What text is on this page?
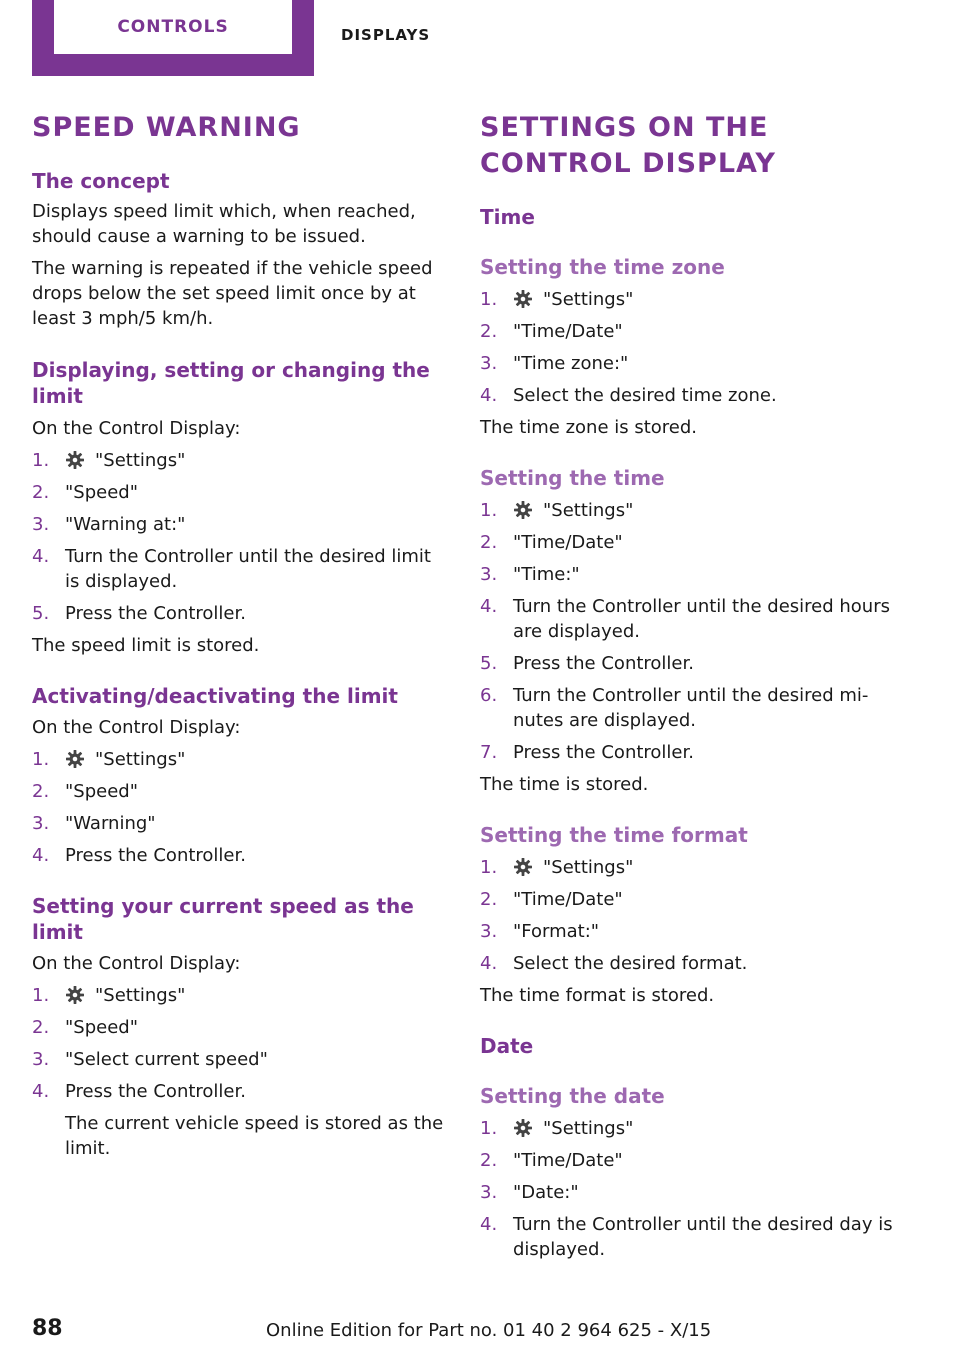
CONTROLS	DISPLAYS
SPEED WARNING
The concept

Displays speed limit which, when reached, should cause a warning to be issued.

The warning is repeated if the vehicle speed drops below the set speed limit once by at least 3 mph/5 km/h.

Displaying, setting or changing the limit

On the Control Display:

1.	"Settings"
2. "Speed"
3. "Warning at:"
4. Turn the Controller until the desired limit is displayed.
5. Press the Controller.

The speed limit is stored.

Activating/deactivating the limit

On the Control Display:

1.	"Settings"
2. "Speed"
3. "Warning"
4. Press the Controller.
Setting your current speed as the limit

On the Control Display:

1.	"Settings"
2. "Speed"
3. "Select current speed"
4. Press the Controller.

The current vehicle speed is stored as the limit.

SETTINGS ON THE CONTROL DISPLAY
Time
Setting the time zone
1.	"Settings"
2. "Time/Date"
3. "Time zone:"
4. Select the desired time zone.

The time zone is stored.

Setting the time
1.	"Settings"
2. "Time/Date"
3. "Time:"
4. Turn the Controller until the desired hours are displayed.
5. Press the Controller.
6. Turn the Controller until the desired mi‐ nutes are displayed.
7. Press the Controller.

The time is stored.

Setting the time format
1.	"Settings"
2. "Time/Date"
3. "Format:"
4. Select the desired format.

The time format is stored.

Date
Setting the date
1.	"Settings"
2. "Time/Date"
3. "Date:"
4. Turn the Controller until the desired day is displayed.
88	Online Edition for Part no. 01 40 2 964 625 - X/15
